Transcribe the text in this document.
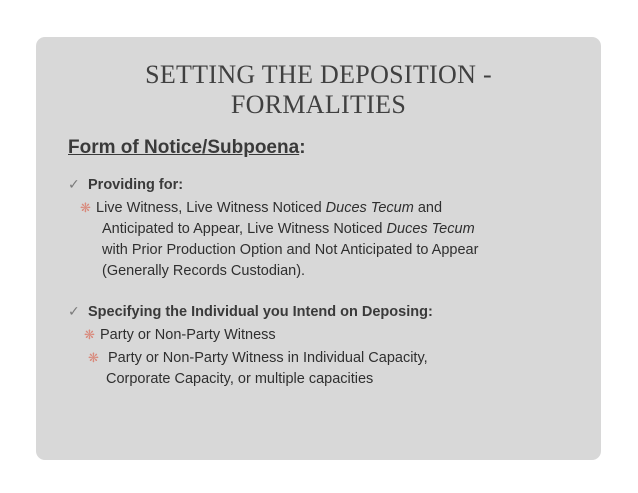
SETTING THE DEPOSITION -
FORMALITIES
Form of Notice/Subpoena:
✓ Providing for:
❋ Live Witness, Live Witness Noticed Duces Tecum and
Anticipated to Appear, Live Witness Noticed Duces Tecum
with Prior Production Option and Not Anticipated to Appear
(Generally Records Custodian).
✓ Specifying the Individual you Intend on Deposing:
❋ Party or Non-Party Witness
❋ Party or Non-Party Witness in Individual Capacity,
Corporate Capacity, or multiple capacities
